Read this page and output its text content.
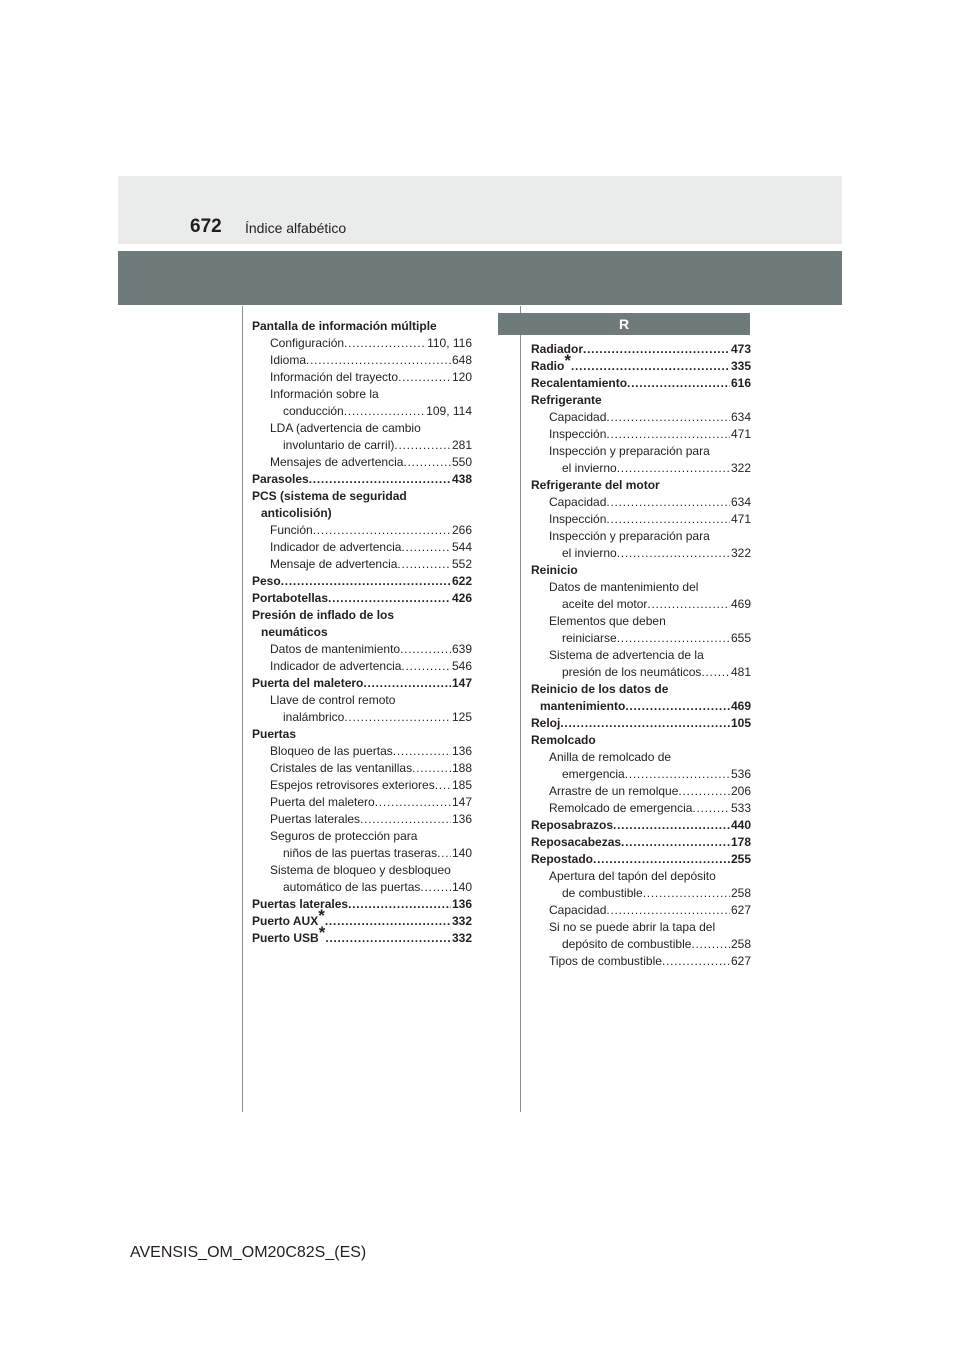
672 Índice alfabético
Pantalla de información múltiple
Configuración . . .	110, 116
Idioma . . .	648
Información del trayecto . . .	120
Información sobre la
conducción . . .	109, 114
LDA (advertencia de cambio
involuntario de carril) . . .	281
Mensajes de advertencia . . .	550
Parasoles . . .	438
PCS (sistema de seguridad
anticolisión)
Función . . .	266
Indicador de advertencia . . .	544
Mensaje de advertencia . . .	552
Peso . . .	622
Portabotellas . . .	426
Presión de inflado de los
neumáticos
Datos de mantenimiento . . .	639
Indicador de advertencia . . .	546
Puerta del maletero . . .	147
Llave de control remoto
inalámbrico . . .	125
Puertas
Bloqueo de las puertas . . .	136
Cristales de las ventanillas . . .	188
Espejos retrovisores exteriores . . . 185
Puerta del maletero . . .	147
Puertas laterales . . .	136
Seguros de protección para
niños de las puertas traseras . . . 140
Sistema de bloqueo y desbloqueo
automático de las puertas . . .	140
Puertas laterales . . .	136
Puerto AUX* . . .	332
Puerto USB* . . .	332
R
Radiador . . .	473
Radio* . . .	335
Recalentamiento . . .	616
Refrigerante
Capacidad . . .	634
Inspección . . .	471
Inspección y preparación para
el invierno . . .	322
Refrigerante del motor
Capacidad . . .	634
Inspección . . .	471
Inspección y preparación para
el invierno . . .	322
Reinicio
Datos de mantenimiento del
aceite del motor . . .	469
Elementos que deben
reiniciarse . . .	655
Sistema de advertencia de la
presión de los neumáticos . . . 481
Reinicio de los datos de
mantenimiento . . .	469
Reloj . . .	105
Remolcado
Anilla de remolcado de
emergencia . . .	536
Arrastre de un remolque . . .	206
Remolcado de emergencia . . .	533
Reposabrazos . . .	440
Reposacabezas . . .	178
Repostado . . .	255
Apertura del tapón del depósito
de combustible . . .	258
Capacidad . . .	627
Si no se puede abrir la tapa del
depósito de combustible . . .	258
Tipos de combustible . . .	627
AVENSIS_OM_OM20C82S_(ES)
